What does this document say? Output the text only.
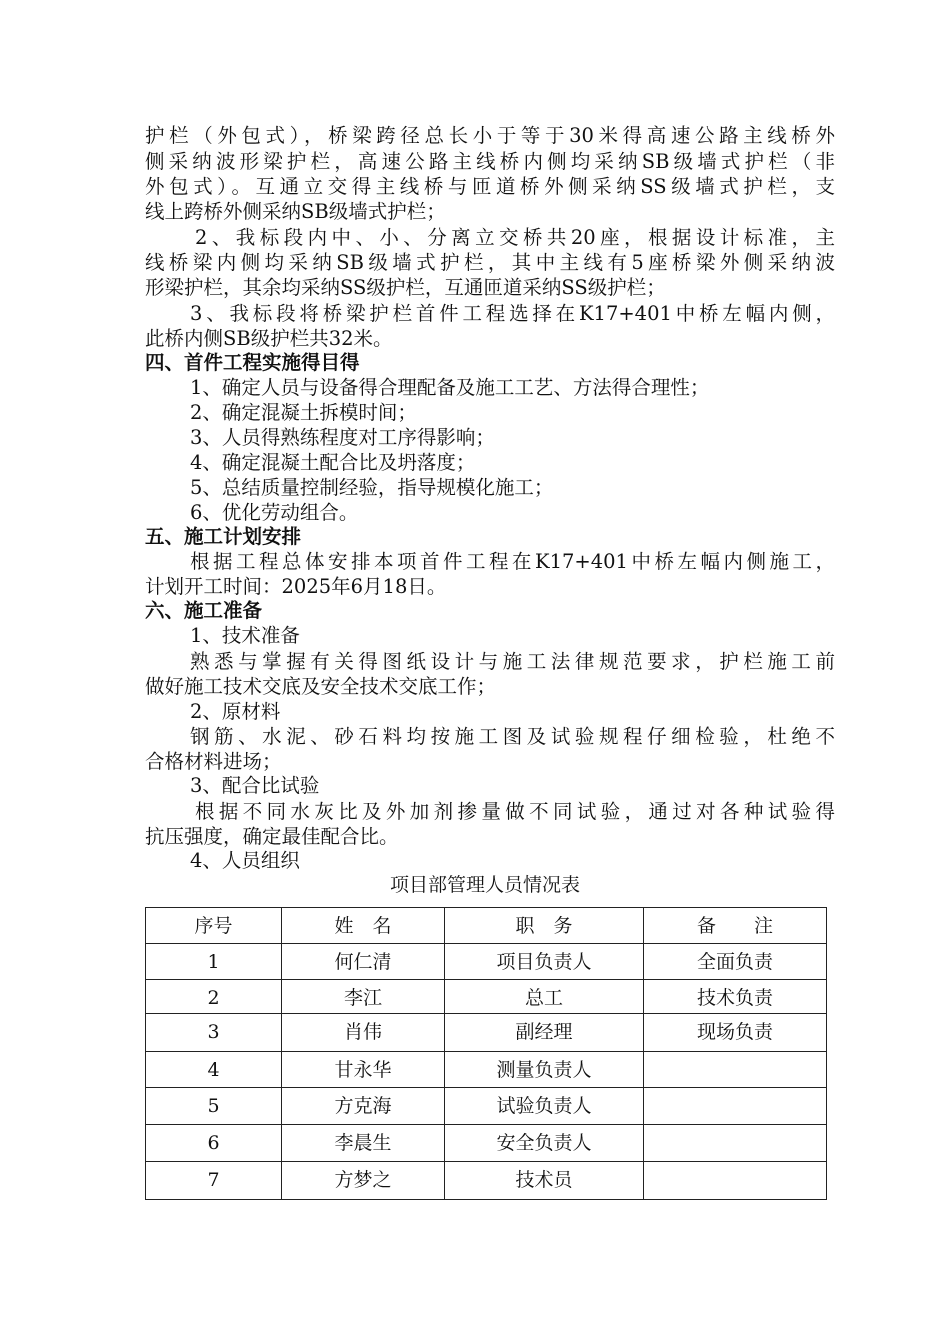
护栏（外包式），桥梁跨径总长小于等于30米得高速公路主线桥外
侧采纳波形梁护栏，高速公路主线桥内侧均采纳SB级墙式护栏（非
外包式）。互通立交得主线桥与匝道桥外侧采纳SS级墙式护栏，支
线上跨桥外侧采纳SB级墙式护栏；
2、我标段内中、小、分离立交桥共20座，根据设计标准，主
线桥梁内侧均采纳SB级墙式护栏，其中主线有5座桥梁外侧采纳波
形梁护栏，其余均采纳SS级护栏，互通匝道采纳SS级护栏；
3、我标段将桥梁护栏首件工程选择在K17+401中桥左幅内侧，
此桥内侧SB级护栏共32米。
四、首件工程实施得目得
1、确定人员与设备得合理配备及施工工艺、方法得合理性；
2、确定混凝土拆模时间；
3、人员得熟练程度对工序得影响；
4、确定混凝土配合比及坍落度；
5、总结质量控制经验，指导规模化施工；
6、优化劳动组合。
五、施工计划安排
根据工程总体安排本项首件工程在K17+401中桥左幅内侧施工，
计划开工时间：2025年6月18日。
六、施工准备
1、技术准备
熟悉与掌握有关得图纸设计与施工法律规范要求，护栏施工前
做好施工技术交底及安全技术交底工作；
2、原材料
钢筋、水泥、砂石料均按施工图及试验规程仔细检验，杜绝不
合格材料进场；
3、配合比试验
根据不同水灰比及外加剂掺量做不同试验，通过对各种试验得
抗压强度，确定最佳配合比。
4、人员组织
项目部管理人员情况表
序号	姓　名	职　务	备　　注
1	何仁清	项目负责人	全面负责
2	李江	总工	技术负责
3	肖伟	副经理	现场负责
4	甘永华	测量负责人	
5	方克海	试验负责人	
6	李晨生	安全负责人	
7	方梦之	技术员	
